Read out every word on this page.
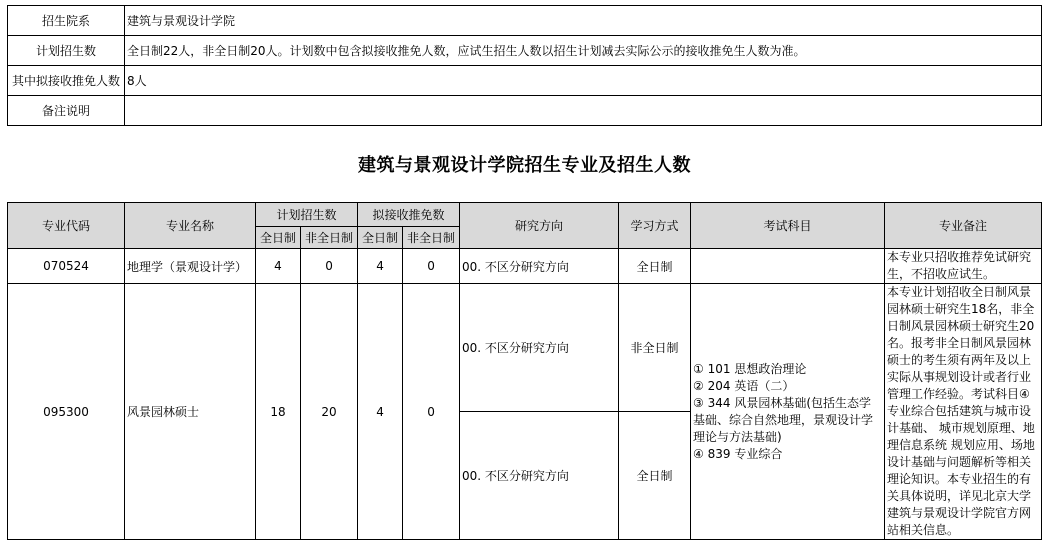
招生院系	建筑与景观设计学院
计划招生数	全日制22人，非全日制20人。计划数中包含拟接收推免人数，应试生招生人数以招生计划减去实际公示的接收推免生人数为准。
其中拟接收推免人数	8人
备注说明	
建筑与景观设计学院招生专业及招生人数
专业代码	专业名称	计划招生数		拟接收推免数		研究方向	学习方式	考试科目	专业备注
		全日制	非全日制	全日制	非全日制				
070524	地理学（景观设计学）	4	0	4	0	00. 不区分研究方向	全日制		本专业只招收推荐免试研究生，不招收应试生。
095300	风景园林硕士	18	20	4	0	00. 不区分研究方向	非全日制	① 101 思想政治理论
② 204 英语（二）
③ 344 风景园林基础(包括生态学基础、综合自然地理，景观设计学理论与方法基础)
④ 839 专业综合	本专业计划招收全日制风景园林硕士研究生18名，非全日制风景园林硕士研究生20名。报考非全日制风景园林硕士的考生须有两年及以上实际从事规划设计或者行业管理工作经验。考试科目④专业综合包括建筑与城市设计基础、 城市规划原理、地理信息系统 规划应用、场地设计基础与问题解析等相关理论知识。本专业招生的有关具体说明，详见北京大学建筑与景观设计学院官方网站相关信息。
						00. 不区分研究方向	全日制		
